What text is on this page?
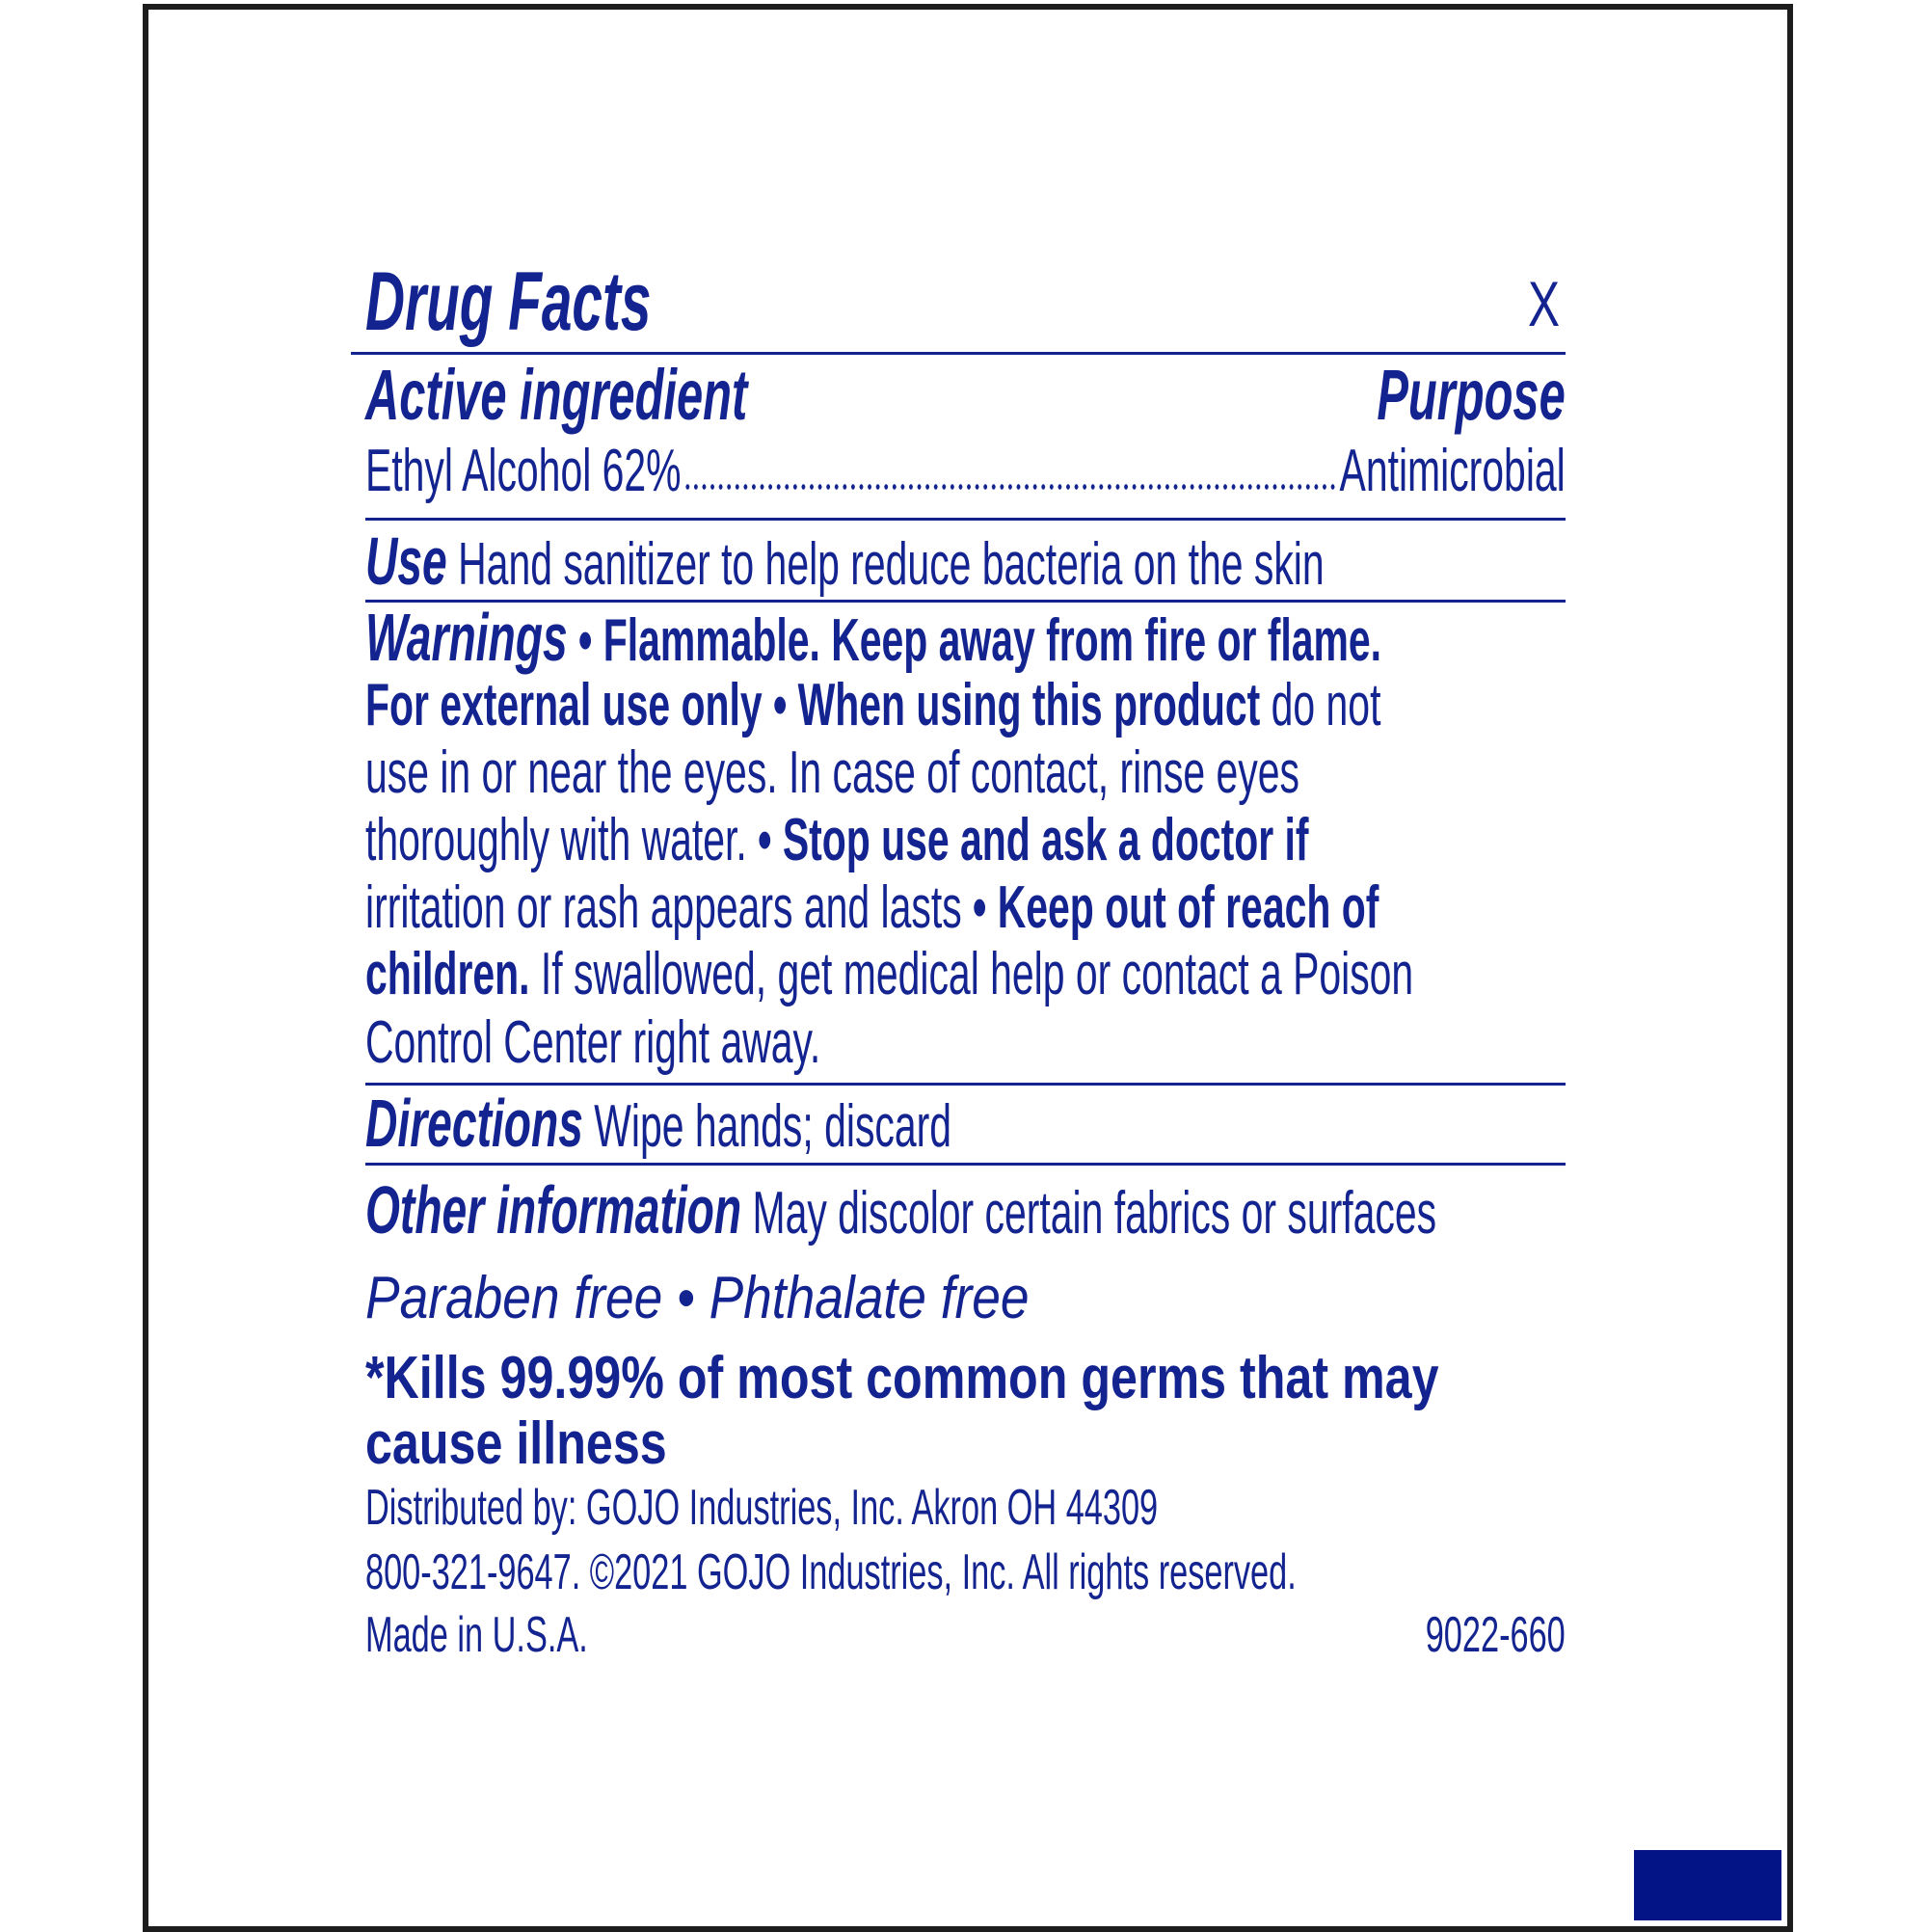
Drug Facts	X
Active ingredient	Purpose
Ethyl Alcohol 62%	Antimicrobial
Use Hand sanitizer to help reduce bacteria on the skin
Warnings • Flammable. Keep away from fire or flame.
For external use only • When using this product do not
use in or near the eyes. In case of contact, rinse eyes
thoroughly with water. • Stop use and ask a doctor if
irritation or rash appears and lasts • Keep out of reach of
children. If swallowed, get medical help or contact a Poison
Control Center right away.
Directions Wipe hands; discard
Other information May discolor certain fabrics or surfaces
Paraben free • Phthalate free
*Kills 99.99% of most common germs that may
cause illness
Distributed by: GOJO Industries, Inc. Akron OH 44309
800-321-9647. ©2021 GOJO Industries, Inc. All rights reserved.
Made in U.S.A.	9022-660
